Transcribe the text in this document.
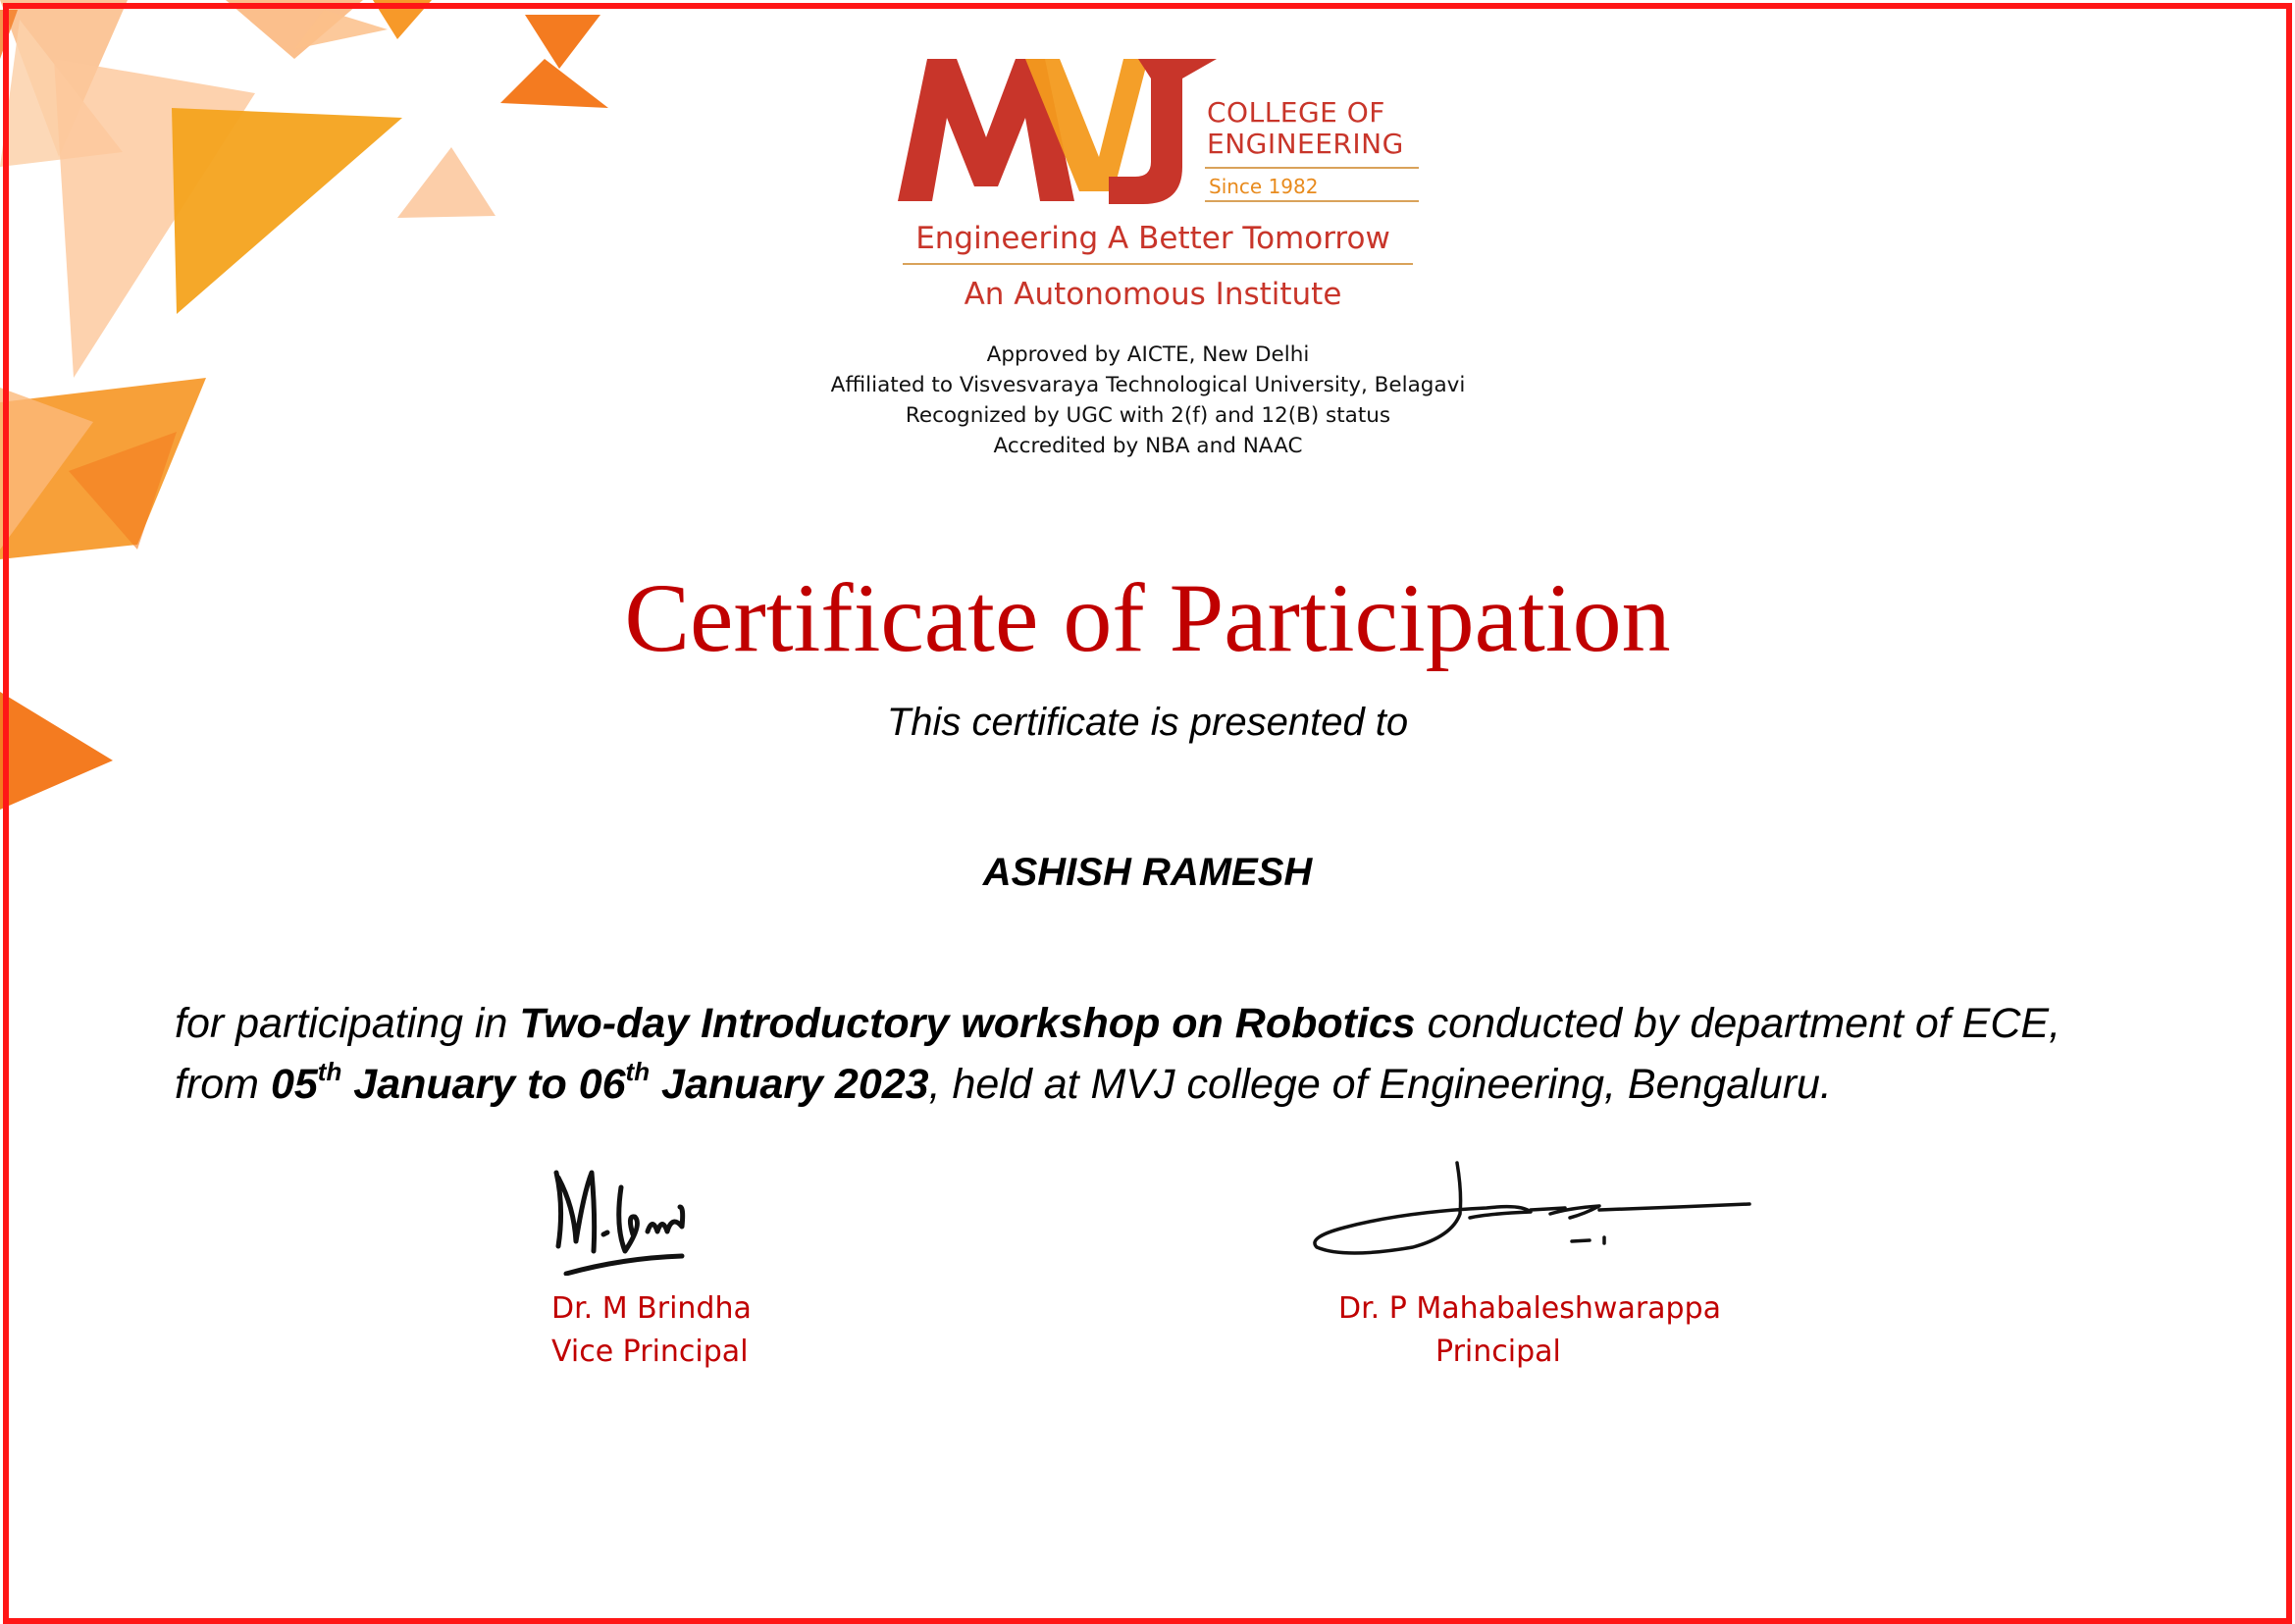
COLLEGE OF
ENGINEERING
Since 1982
Engineering A Better Tomorrow
An Autonomous Institute
Approved by AICTE, New Delhi
Affiliated to Visvesvaraya Technological University, Belagavi
Recognized by UGC with 2(f) and 12(B) status
Accredited by NBA and NAAC
Certificate of Participation
This certificate is presented to
ASHISH RAMESH
for participating in Two-day Introductory workshop on Robotics conducted by department of ECE,
from 05th January to 06th January 2023, held at MVJ college of Engineering, Bengaluru.
Dr. M Brindha
Vice Principal
Dr. P Mahabaleshwarappa
Principal
